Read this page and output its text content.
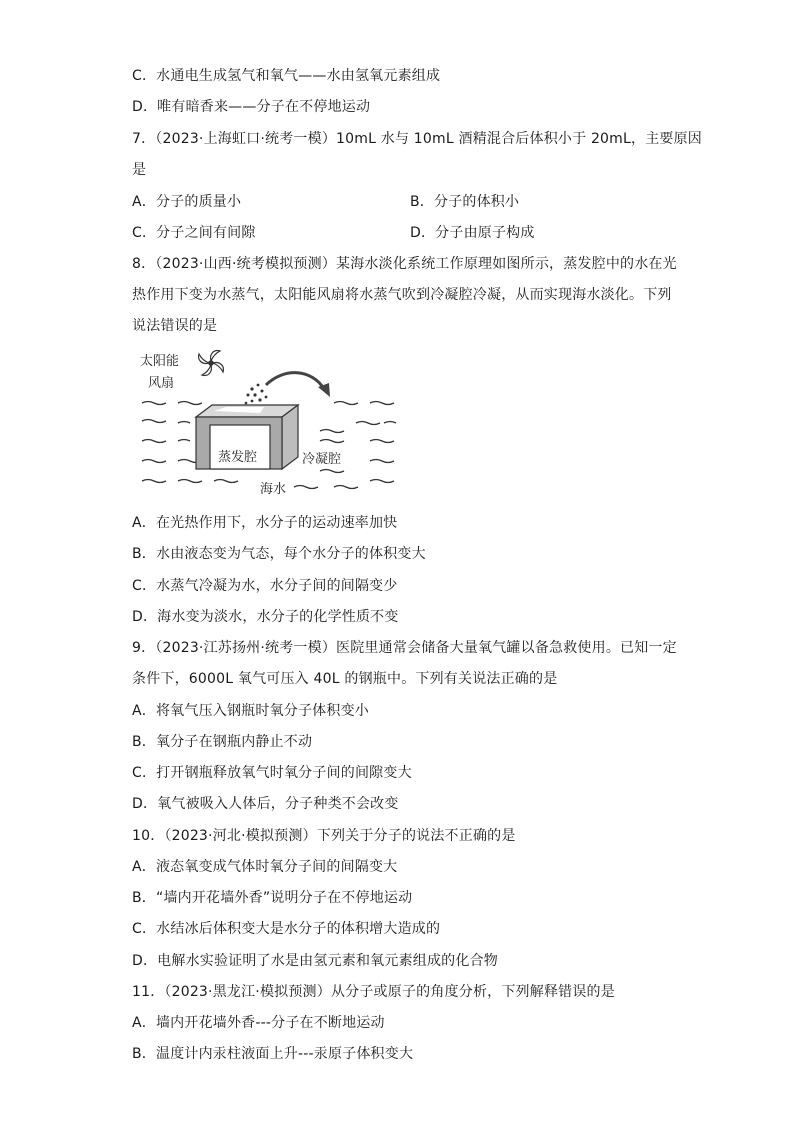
C．水通电生成氢气和氧气——水由氢氧元素组成
D．唯有暗香来——分子在不停地运动
7．（2023·上海虹口·统考一模）10mL 水与 10mL 酒精混合后体积小于 20mL，主要原因
是
A．分子的质量小	B．分子的体积小
C．分子之间有间隙	D．分子由原子构成
8．（2023·山西·统考模拟预测）某海水淡化系统工作原理如图所示，蒸发腔中的水在光
热作用下变为水蒸气，太阳能风扇将水蒸气吹到冷凝腔冷凝，从而实现海水淡化。下列
说法错误的是
太阳能
风扇
蒸发腔	冷凝腔
海水
A．在光热作用下，水分子的运动速率加快
B．水由液态变为气态，每个水分子的体积变大
C．水蒸气冷凝为水，水分子间的间隔变少
D．海水变为淡水，水分子的化学性质不变
9．（2023·江苏扬州·统考一模）医院里通常会储备大量氧气罐以备急救使用。已知一定
条件下，6000L 氧气可压入 40L 的钢瓶中。下列有关说法正确的是
A．将氧气压入钢瓶时氧分子体积变小
B．氧分子在钢瓶内静止不动
C．打开钢瓶释放氧气时氧分子间的间隙变大
D．氧气被吸入人体后，分子种类不会改变
10．（2023·河北·模拟预测）下列关于分子的说法不正确的是
A．液态氧变成气体时氧分子间的间隔变大
B．“墙内开花墙外香”说明分子在不停地运动
C．水结冰后体积变大是水分子的体积增大造成的
D．电解水实验证明了水是由氢元素和氧元素组成的化合物
11．（2023·黑龙江·模拟预测）从分子或原子的角度分析，下列解释错误的是
A．墙内开花墙外香---分子在不断地运动
B．温度计内汞柱液面上升---汞原子体积变大
